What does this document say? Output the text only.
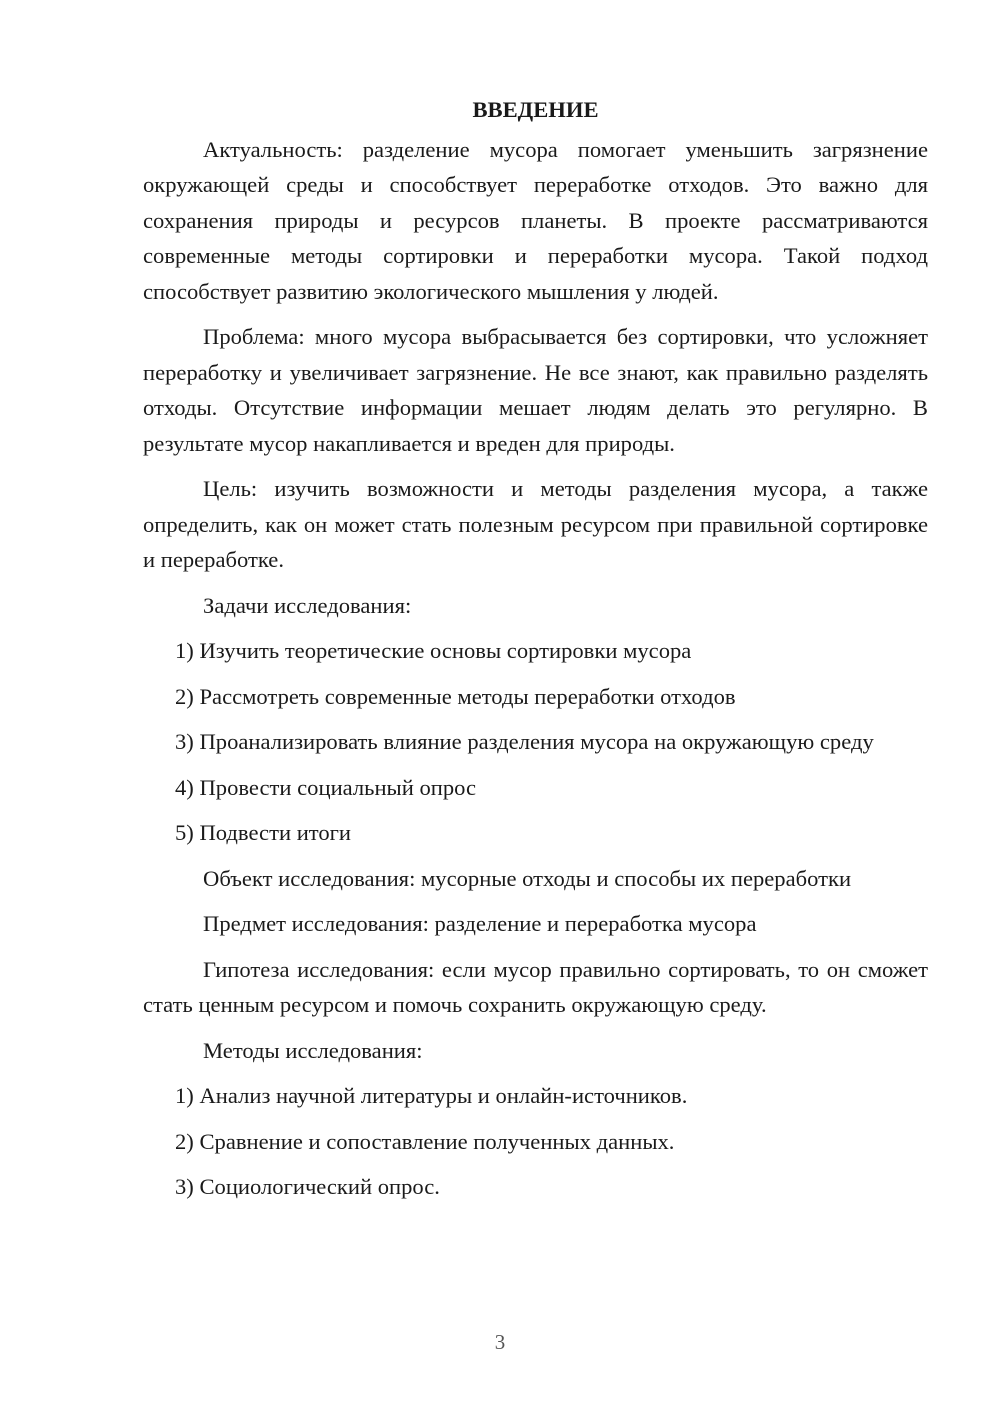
ВВЕДЕНИЕ

Актуальность: разделение мусора помогает уменьшить загрязнение окружающей среды и способствует переработке отходов. Это важно для сохранения природы и ресурсов планеты. В проекте рассматриваются современные методы сортировки и переработки мусора. Такой подход способствует развитию экологического мышления у людей.

Проблема: много мусора выбрасывается без сортировки, что усложняет переработку и увеличивает загрязнение. Не все знают, как правильно разделять отходы. Отсутствие информации мешает людям делать это регулярно. В результате мусор накапливается и вреден для природы.

Цель: изучить возможности и методы разделения мусора, а также определить, как он может стать полезным ресурсом при правильной сортировке и переработке.

Задачи исследования:

1) Изучить теоретические основы сортировки мусора

2) Рассмотреть современные методы переработки отходов

3) Проанализировать влияние разделения мусора на окружающую среду

4) Провести социальный опрос

5) Подвести итоги

Объект исследования: мусорные отходы и способы их переработки

Предмет исследования: разделение и переработка мусора

Гипотеза исследования: если мусор правильно сортировать, то он сможет стать ценным ресурсом и помочь сохранить окружающую среду.

Методы исследования:

1) Анализ научной литературы и онлайн-источников.

2) Сравнение и сопоставление полученных данных.

3) Социологический опрос.

3
